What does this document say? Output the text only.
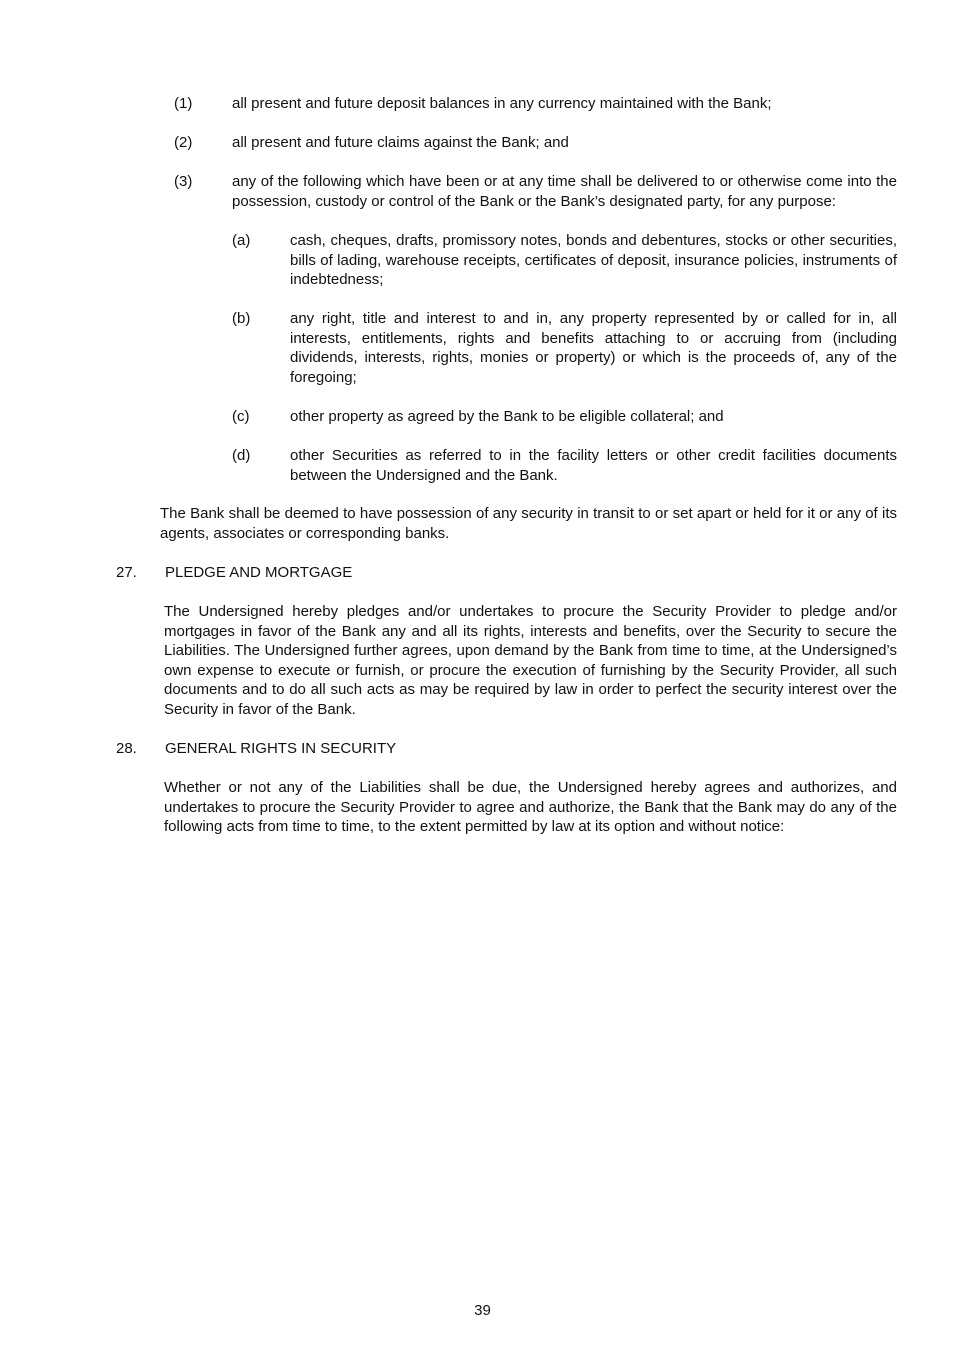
(1)	all present and future deposit balances in any currency maintained with the Bank;
(2)	all present and future claims against the Bank; and
(3)	any of the following which have been or at any time shall be delivered to or otherwise come into the possession, custody or control of the Bank or the Bank’s designated party, for any purpose:
(a)	cash, cheques, drafts, promissory notes, bonds and debentures, stocks or other securities, bills of lading, warehouse receipts, certificates of deposit, insurance policies, instruments of indebtedness;
(b)	any right, title and interest to and in, any property represented by or called for in, all interests, entitlements, rights and benefits attaching to or accruing from (including dividends, interests, rights, monies or property) or which is the proceeds of, any of the foregoing;
(c)	other property as agreed by the Bank to be eligible collateral; and
(d)	other Securities as referred to in the facility letters or other credit facilities documents between the Undersigned and the Bank.
The Bank shall be deemed to have possession of any security in transit to or set apart or held for it or any of its agents, associates or corresponding banks.
27. PLEDGE AND MORTGAGE
The Undersigned hereby pledges and/or undertakes to procure the Security Provider to pledge and/or mortgages in favor of the Bank any and all its rights, interests and benefits, over the Security to secure the Liabilities. The Undersigned further agrees, upon demand by the Bank from time to time, at the Undersigned’s own expense to execute or furnish, or procure the execution of furnishing by the Security Provider, all such documents and to do all such acts as may be required by law in order to perfect the security interest over the Security in favor of the Bank.
28. GENERAL RIGHTS IN SECURITY
Whether or not any of the Liabilities shall be due, the Undersigned hereby agrees and authorizes, and undertakes to procure the Security Provider to agree and authorize, the Bank that the Bank may do any of the following acts from time to time, to the extent permitted by law at its option and without notice:
39
